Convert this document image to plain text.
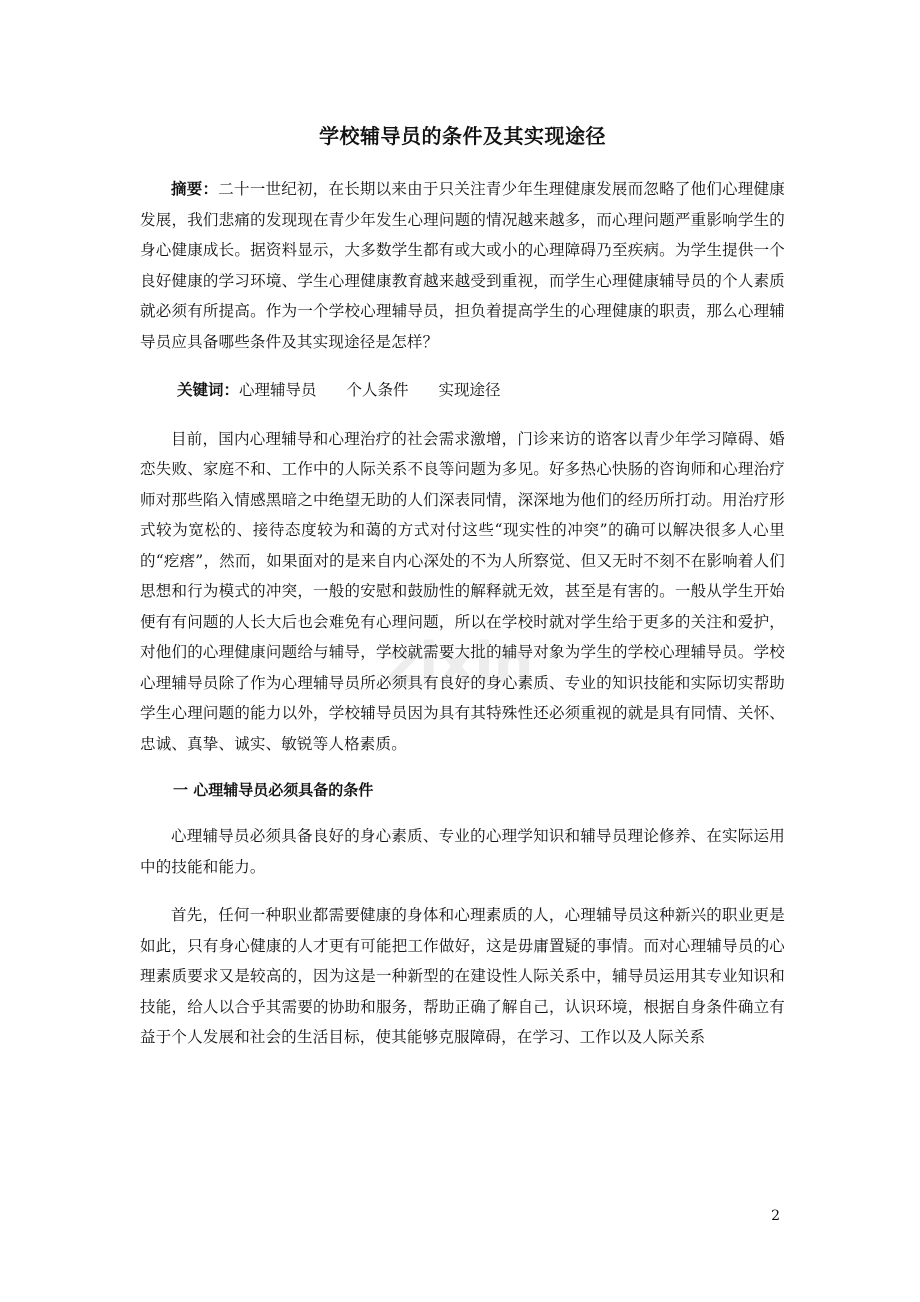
zixin
学校辅导员的条件及其实现途径

摘要：二十一世纪初，在长期以来由于只关注青少年生理健康发展而忽略了他们心理健康发展，我们悲痛的发现现在青少年发生心理问题的情况越来越多，而心理问题严重影响学生的身心健康成长。据资料显示，大多数学生都有或大或小的心理障碍乃至疾病。为学生提供一个良好健康的学习环境、学生心理健康教育越来越受到重视，而学生心理健康辅导员的个人素质就必须有所提高。作为一个学校心理辅导员，担负着提高学生的心理健康的职责，那么心理辅导员应具备哪些条件及其实现途径是怎样？

关键词：心理辅导员 个人条件 实现途径

目前，国内心理辅导和心理治疗的社会需求激增，门诊来访的谘客以青少年学习障碍、婚恋失败、家庭不和、工作中的人际关系不良等问题为多见。好多热心快肠的咨询师和心理治疗师对那些陷入情感黑暗之中绝望无助的人们深表同情，深深地为他们的经历所打动。用治疗形式较为宽松的、接待态度较为和蔼的方式对付这些“现实性的冲突”的确可以解决很多人心里的“疙瘩”，然而，如果面对的是来自内心深处的不为人所察觉、但又无时不刻不在影响着人们思想和行为模式的冲突，一般的安慰和鼓励性的解释就无效，甚至是有害的。一般从学生开始便有有问题的人长大后也会难免有心理问题，所以在学校时就对学生给于更多的关注和爱护，对他们的心理健康问题给与辅导，学校就需要大批的辅导对象为学生的学校心理辅导员。学校心理辅导员除了作为心理辅导员所必须具有良好的身心素质、专业的知识技能和实际切实帮助学生心理问题的能力以外，学校辅导员因为具有其特殊性还必须重视的就是具有同情、关怀、忠诚、真挚、诚实、敏锐等人格素质。

一 心理辅导员必须具备的条件

心理辅导员必须具备良好的身心素质、专业的心理学知识和辅导员理论修养、在实际运用中的技能和能力。

首先，任何一种职业都需要健康的身体和心理素质的人，心理辅导员这种新兴的职业更是如此，只有身心健康的人才更有可能把工作做好，这是毋庸置疑的事情。而对心理辅导员的心理素质要求又是较高的，因为这是一种新型的在建设性人际关系中，辅导员运用其专业知识和技能，给人以合乎其需要的协助和服务，帮助正确了解自己，认识环境，根据自身条件确立有益于个人发展和社会的生活目标，使其能够克服障碍，在学习、工作以及人际关系

2
